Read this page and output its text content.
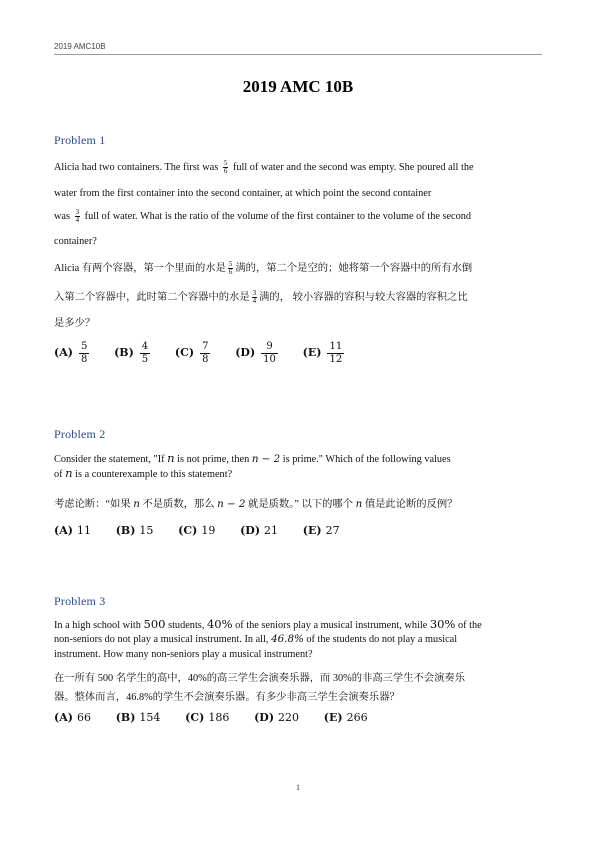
2019 AMC10B
2019 AMC 10B
Problem 1
Alicia had two containers. The first was $\frac{5}{6}$ full of water and the second was empty. She poured all the
water from the first container into the second container, at which point the second container
was $\frac{3}{4}$ full of water. What is the ratio of the volume of the first container to the volume of the second
container?
Alicia 有两个容器，第一个里面的水是 $\frac{5}{6}$ 满的，第二个是空的；她将第一个容器中的所有水倒
入第二个容器中，此时第二个容器中的水是 $\frac{3}{4}$ 满的， 较小容器的容积与较大容器的容积之比
是多少？
$(A) \frac{5}{8} (B) \frac{4}{5} (C) \frac{7}{8} (D) \frac{9}{10} (E) \frac{11}{12}$
Problem 2
Consider the statement, "If n is not prime, then n − 2 is prime." Which of the following values
of n is a counterexample to this statement?
考虑论断：“如果 n 不是质数，那么 n − 2 就是质数。” 以下的哪个 n 值是此论断的反例？
(A) 11 (B) 15 (C) 19 (D) 21 (E) 27
Problem 3
In a high school with 500 students, 40% of the seniors play a musical instrument, while 30% of the
non-seniors do not play a musical instrument. In all, 46.8% of the students do not play a musical
instrument. How many non-seniors play a musical instrument?
在一所有 500 名学生的高中，40%的高三学生会演奏乐器，而 30%的非高三学生不会演奏乐
器。整体而言，46.8%的学生不会演奏乐器。有多少非高三学生会演奏乐器？
(A) 66 (B) 154 (C) 186 (D) 220 (E) 266
1
